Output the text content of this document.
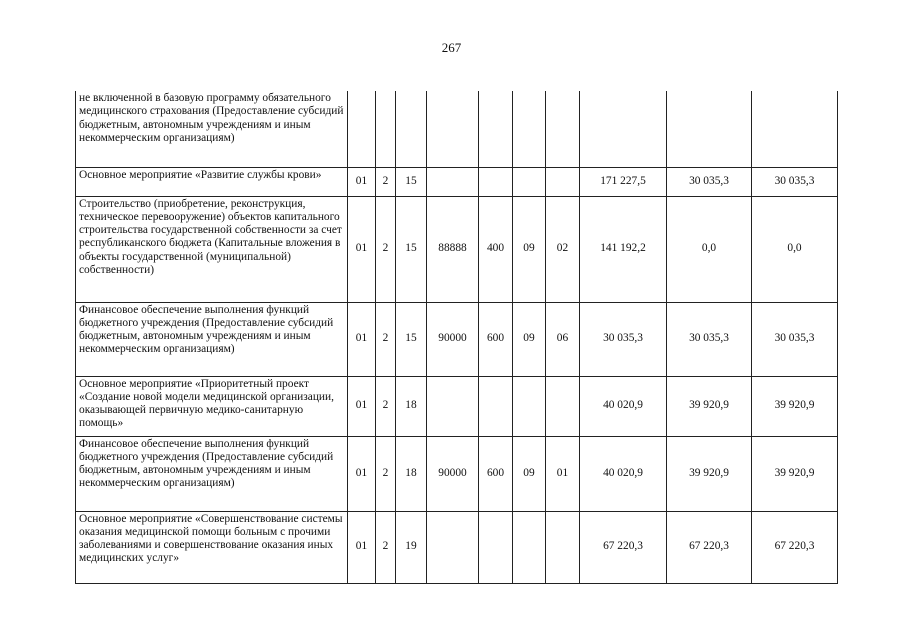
267
не включенной в базовую программу обязательного медицинского страхования (Предоставление субсидий бюджетным, автономным учреждениям и иным некоммерческим организациям)										
Основное мероприятие «Развитие службы крови»	01	2	15					171 227,5	30 035,3	30 035,3
Строительство (приобретение, реконструкция, техническое перевооружение) объектов капитального строительства государственной собственности за счет республиканского бюджета (Капитальные вложения в объекты государственной (муниципальной) собственности)	01	2	15	88888	400	09	02	141 192,2	0,0	0,0
Финансовое обеспечение выполнения функций бюджетного учреждения (Предоставление субсидий бюджетным, автономным учреждениям и иным некоммерческим организациям)	01	2	15	90000	600	09	06	30 035,3	30 035,3	30 035,3
Основное мероприятие «Приоритетный проект «Создание новой модели медицинской организации, оказывающей первичную медико-санитарную помощь»	01	2	18					40 020,9	39 920,9	39 920,9
Финансовое обеспечение выполнения функций бюджетного учреждения (Предоставление субсидий бюджетным, автономным учреждениям и иным некоммерческим организациям)	01	2	18	90000	600	09	01	40 020,9	39 920,9	39 920,9
Основное мероприятие «Совершенствование системы оказания медицинской помощи больным с прочими заболеваниями и совершенствование оказания иных медицинских услуг»	01	2	19					67 220,3	67 220,3	67 220,3
